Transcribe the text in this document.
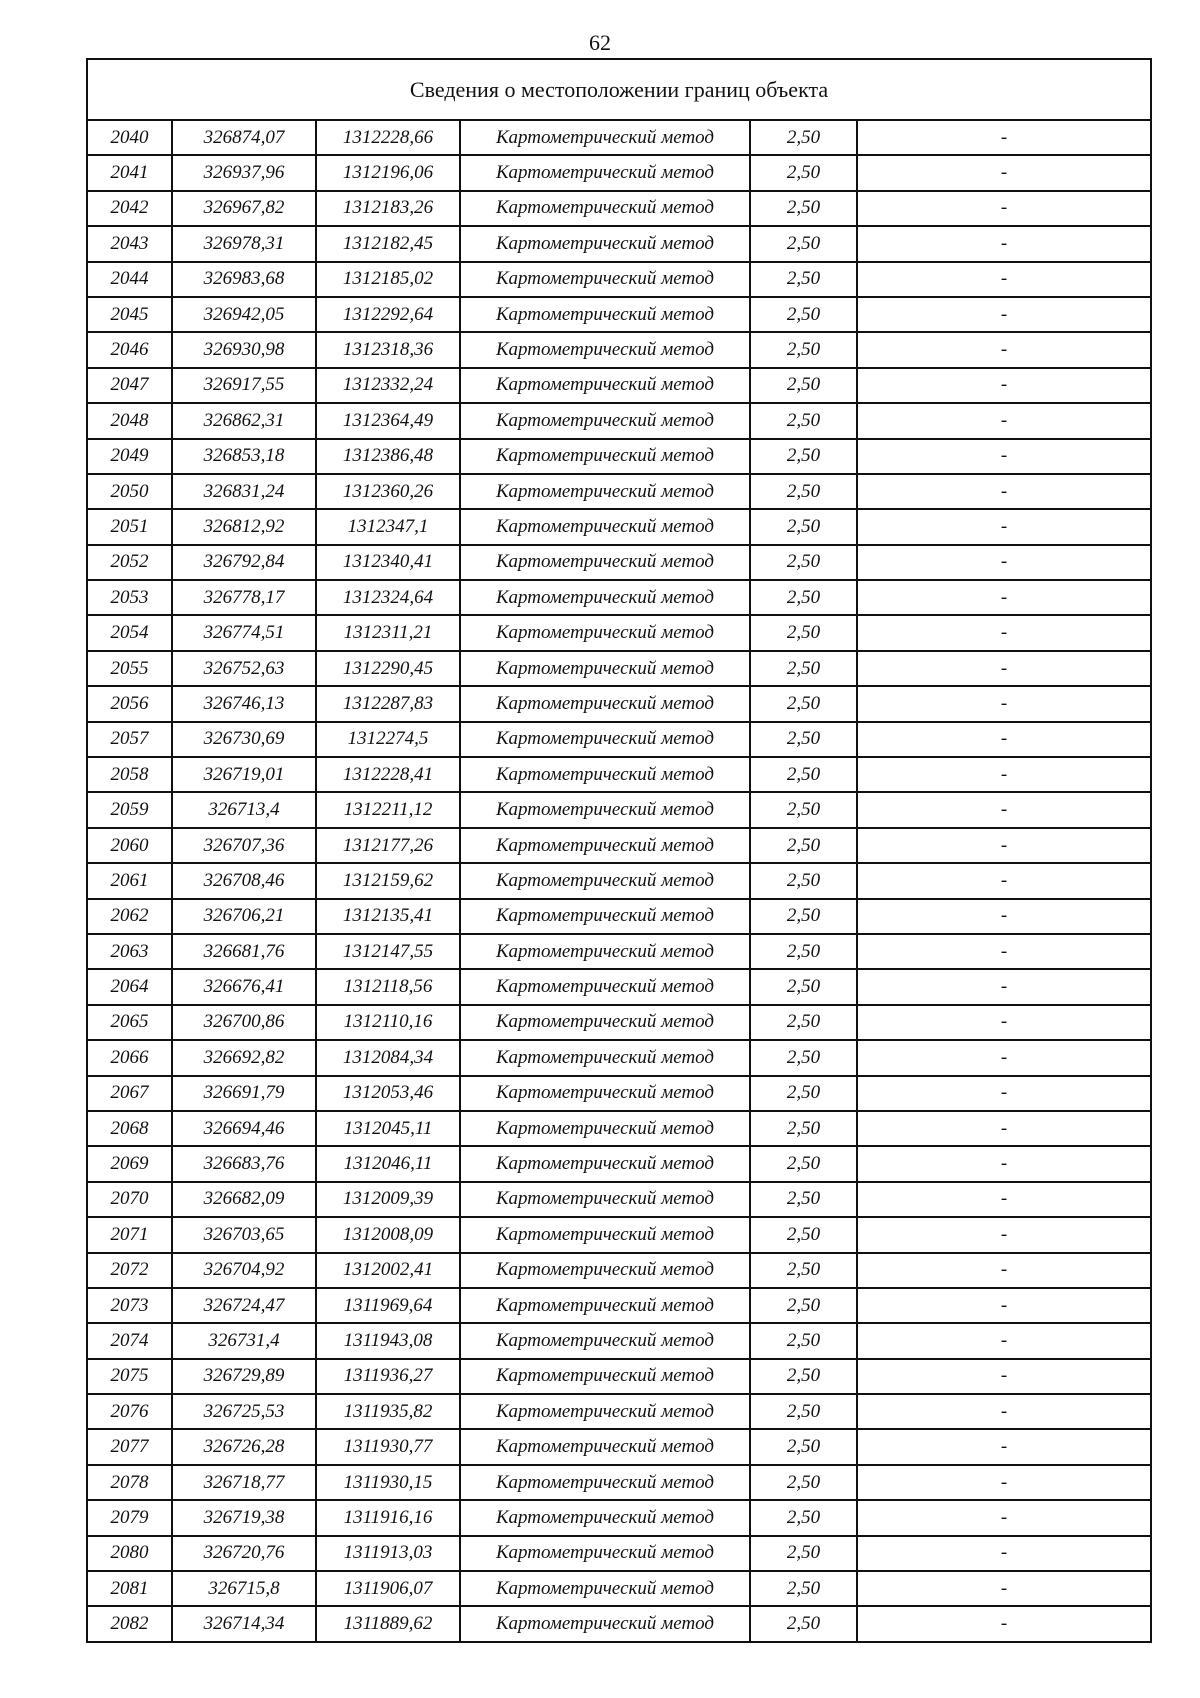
62
Сведения о местоположении границ объекта					
2040	326874,07	1312228,66	Картометрический метод	2,50	-
2041	326937,96	1312196,06	Картометрический метод	2,50	-
2042	326967,82	1312183,26	Картометрический метод	2,50	-
2043	326978,31	1312182,45	Картометрический метод	2,50	-
2044	326983,68	1312185,02	Картометрический метод	2,50	-
2045	326942,05	1312292,64	Картометрический метод	2,50	-
2046	326930,98	1312318,36	Картометрический метод	2,50	-
2047	326917,55	1312332,24	Картометрический метод	2,50	-
2048	326862,31	1312364,49	Картометрический метод	2,50	-
2049	326853,18	1312386,48	Картометрический метод	2,50	-
2050	326831,24	1312360,26	Картометрический метод	2,50	-
2051	326812,92	1312347,1	Картометрический метод	2,50	-
2052	326792,84	1312340,41	Картометрический метод	2,50	-
2053	326778,17	1312324,64	Картометрический метод	2,50	-
2054	326774,51	1312311,21	Картометрический метод	2,50	-
2055	326752,63	1312290,45	Картометрический метод	2,50	-
2056	326746,13	1312287,83	Картометрический метод	2,50	-
2057	326730,69	1312274,5	Картометрический метод	2,50	-
2058	326719,01	1312228,41	Картометрический метод	2,50	-
2059	326713,4	1312211,12	Картометрический метод	2,50	-
2060	326707,36	1312177,26	Картометрический метод	2,50	-
2061	326708,46	1312159,62	Картометрический метод	2,50	-
2062	326706,21	1312135,41	Картометрический метод	2,50	-
2063	326681,76	1312147,55	Картометрический метод	2,50	-
2064	326676,41	1312118,56	Картометрический метод	2,50	-
2065	326700,86	1312110,16	Картометрический метод	2,50	-
2066	326692,82	1312084,34	Картометрический метод	2,50	-
2067	326691,79	1312053,46	Картометрический метод	2,50	-
2068	326694,46	1312045,11	Картометрический метод	2,50	-
2069	326683,76	1312046,11	Картометрический метод	2,50	-
2070	326682,09	1312009,39	Картометрический метод	2,50	-
2071	326703,65	1312008,09	Картометрический метод	2,50	-
2072	326704,92	1312002,41	Картометрический метод	2,50	-
2073	326724,47	1311969,64	Картометрический метод	2,50	-
2074	326731,4	1311943,08	Картометрический метод	2,50	-
2075	326729,89	1311936,27	Картометрический метод	2,50	-
2076	326725,53	1311935,82	Картометрический метод	2,50	-
2077	326726,28	1311930,77	Картометрический метод	2,50	-
2078	326718,77	1311930,15	Картометрический метод	2,50	-
2079	326719,38	1311916,16	Картометрический метод	2,50	-
2080	326720,76	1311913,03	Картометрический метод	2,50	-
2081	326715,8	1311906,07	Картометрический метод	2,50	-
2082	326714,34	1311889,62	Картометрический метод	2,50	-
